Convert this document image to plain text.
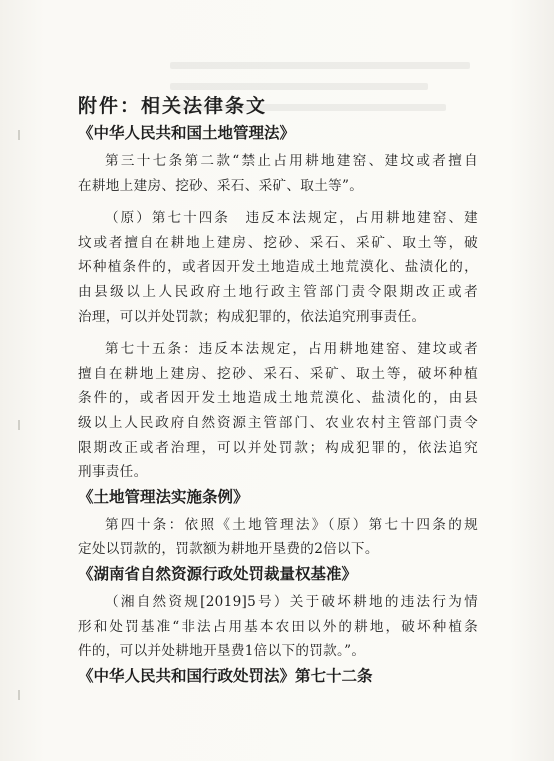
附件：相关法律条文
《中华人民共和国土地管理法》
第三十七条第二款“禁止占用耕地建窑、建坟或者擅自
在耕地上建房、挖砂、采石、采矿、取土等”。
（原）第七十四条　违反本法规定，占用耕地建窑、建
坟或者擅自在耕地上建房、挖砂、采石、采矿、取土等，破
坏种植条件的，或者因开发土地造成土地荒漠化、盐渍化的，
由县级以上人民政府土地行政主管部门责令限期改正或者
治理，可以并处罚款；构成犯罪的，依法追究刑事责任。
第七十五条：违反本法规定，占用耕地建窑、建坟或者
擅自在耕地上建房、挖砂、采石、采矿、取土等，破坏种植
条件的，或者因开发土地造成土地荒漠化、盐渍化的，由县
级以上人民政府自然资源主管部门、农业农村主管部门责令
限期改正或者治理，可以并处罚款；构成犯罪的，依法追究
刑事责任。
《土地管理法实施条例》
第四十条：依照《土地管理法》（原）第七十四条的规
定处以罚款的，罚款额为耕地开垦费的2倍以下。
《湖南省自然资源行政处罚裁量权基准》
（湘自然资规[2019]5号）关于破坏耕地的违法行为情
形和处罚基准“非法占用基本农田以外的耕地，破坏种植条
件的，可以并处耕地开垦费1倍以下的罚款。”。
《中华人民共和国行政处罚法》第七十二条
